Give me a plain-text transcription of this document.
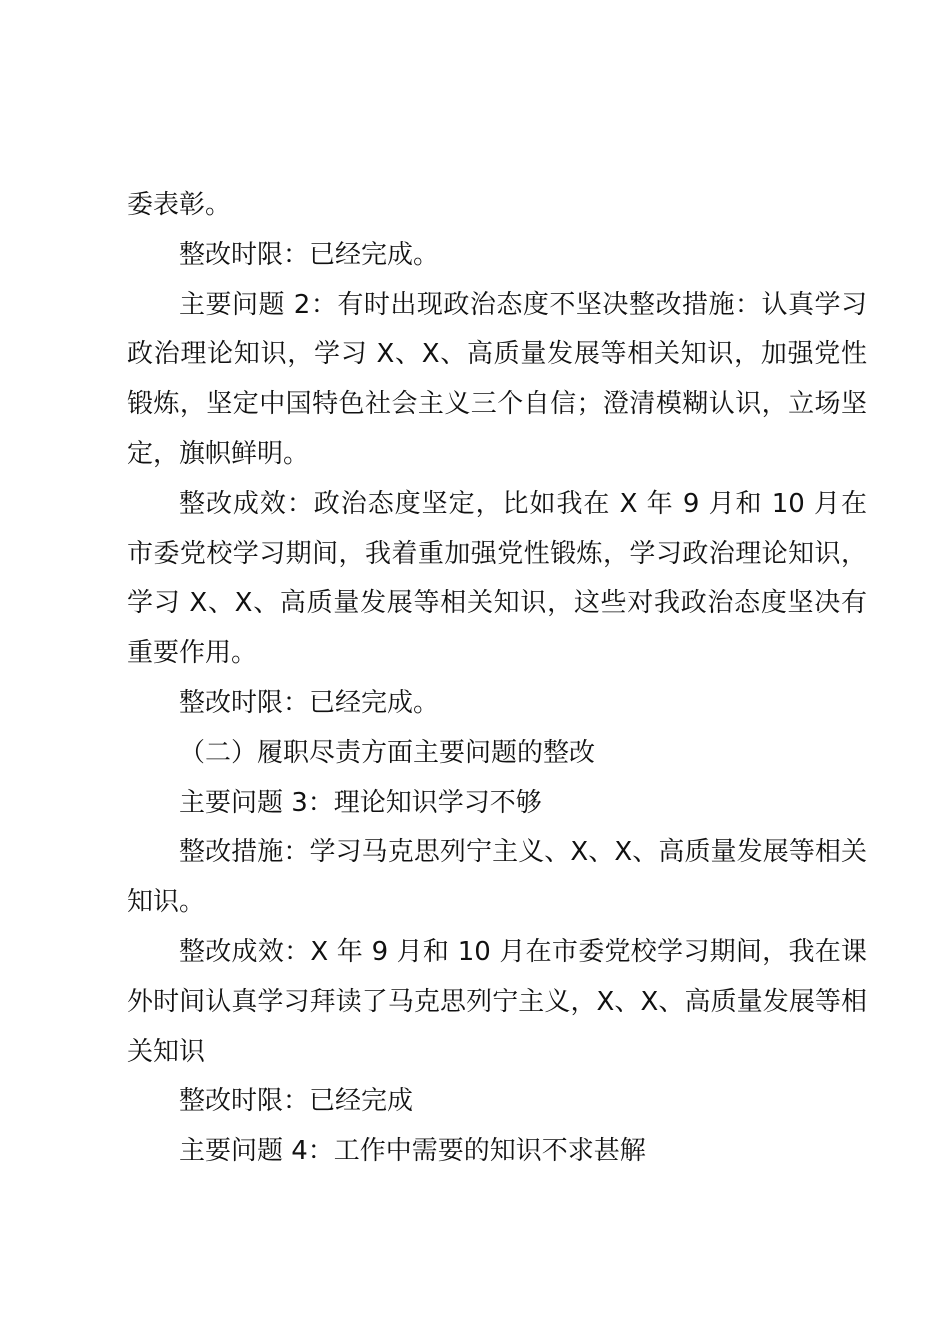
委表彰。

整改时限：已经完成。

主要问题 2：有时出现政治态度不坚决整改措施：认真学习政治理论知识，学习 X、X、高质量发展等相关知识，加强党性锻炼，坚定中国特色社会主义三个自信；澄清模糊认识，立场坚定，旗帜鲜明。

整改成效：政治态度坚定，比如我在 X 年 9 月和 10 月在市委党校学习期间，我着重加强党性锻炼，学习政治理论知识，学习 X、X、高质量发展等相关知识，这些对我政治态度坚决有重要作用。

整改时限：已经完成。

（二）履职尽责方面主要问题的整改

主要问题 3：理论知识学习不够

整改措施：学习马克思列宁主义、X、X、高质量发展等相关知识。

整改成效：X 年 9 月和 10 月在市委党校学习期间，我在课外时间认真学习拜读了马克思列宁主义，X、X、高质量发展等相关知识

整改时限：已经完成

主要问题 4：工作中需要的知识不求甚解
